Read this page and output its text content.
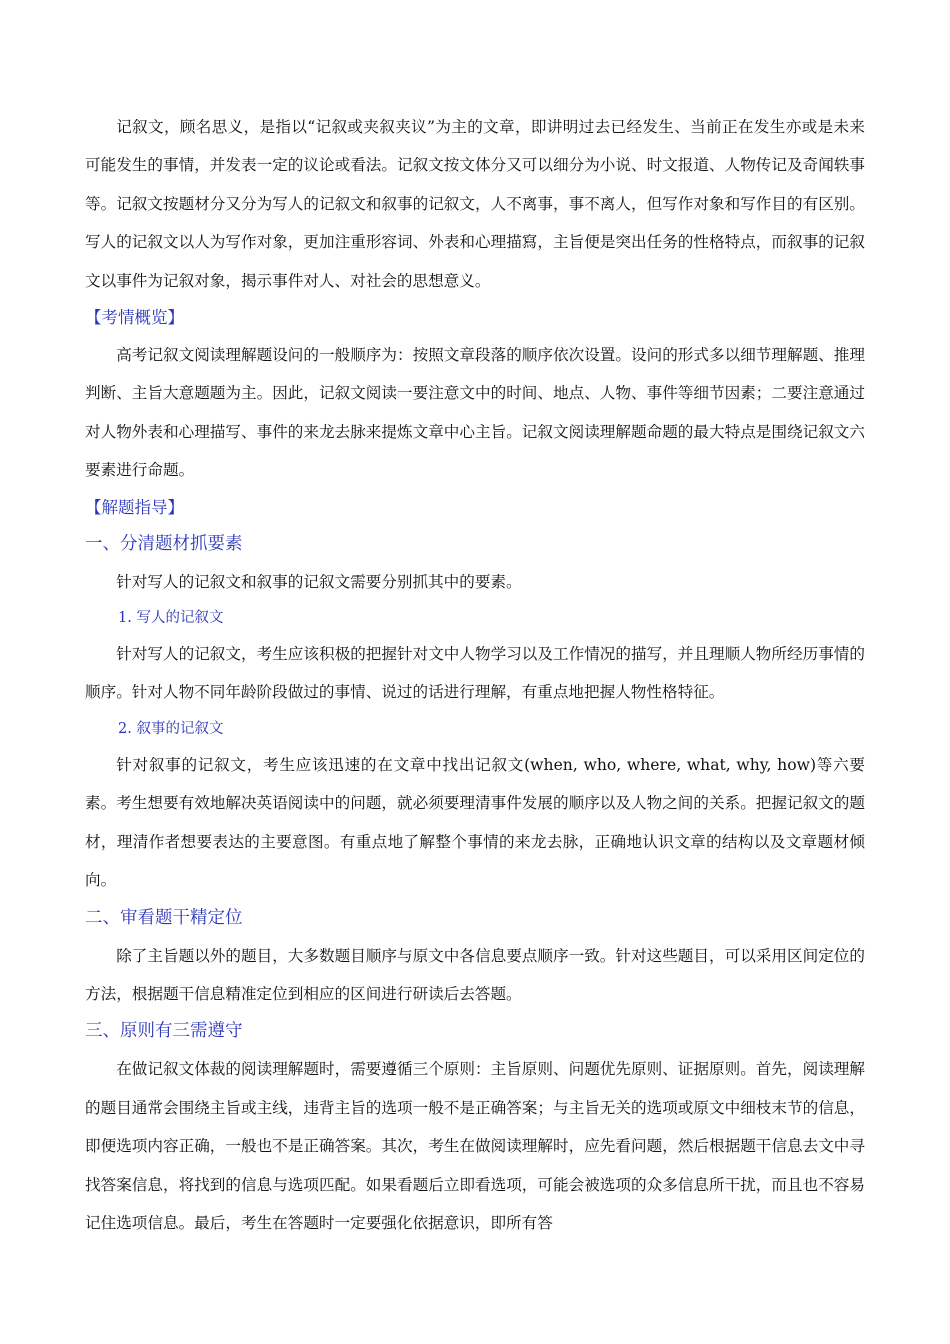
记叙文，顾名思义，是指以“记叙或夹叙夹议”为主的文章，即讲明过去已经发生、当前正在发生亦或是未来可能发生的事情，并发表一定的议论或看法。记叙文按文体分又可以细分为小说、时文报道、人物传记及奇闻轶事等。记叙文按题材分又分为写人的记叙文和叙事的记叙文，人不离事，事不离人，但写作对象和写作目的有区别。写人的记叙文以人为写作对象，更加注重形容词、外表和心理描寫，主旨便是突出任务的性格特点，而叙事的记叙文以事件为记叙对象，揭示事件对人、对社会的思想意义。

【考情概览】

高考记叙文阅读理解题设问的一般顺序为：按照文章段落的顺序依次设置。设问的形式多以细节理解题、推理判断、主旨大意题题为主。因此，记叙文阅读一要注意文中的时间、地点、人物、事件等细节因素；二要注意通过对人物外表和心理描写、事件的来龙去脉来提炼文章中心主旨。记叙文阅读理解题命题的最大特点是围绕记叙文六要素进行命题。

【解题指导】
一、分清题材抓要素

针对写人的记叙文和叙事的记叙文需要分别抓其中的要素。

1. 写人的记叙文

针对写人的记叙文，考生应该积极的把握针对文中人物学习以及工作情况的描写，并且理顺人物所经历事情的顺序。针对人物不同年龄阶段做过的事情、说过的话进行理解，有重点地把握人物性格特征。

2. 叙事的记叙文

针对叙事的记叙文，考生应该迅速的在文章中找出记叙文(when, who, where, what, why, how)等六要素。考生想要有效地解决英语阅读中的问题，就必须要理清事件发展的顺序以及人物之间的关系。把握记叙文的题材，理清作者想要表达的主要意图。有重点地了解整个事情的来龙去脉，正确地认识文章的结构以及文章题材倾向。

二、审看题干精定位

除了主旨题以外的题目，大多数题目顺序与原文中各信息要点顺序一致。针对这些题目，可以采用区间定位的方法，根据题干信息精准定位到相应的区间进行研读后去答题。

三、原则有三需遵守

在做记叙文体裁的阅读理解题时，需要遵循三个原则：主旨原则、问题优先原则、证据原则。首先，阅读理解的题目通常会围绕主旨或主线，违背主旨的选项一般不是正确答案；与主旨无关的选项或原文中细枝末节的信息，即便选项内容正确，一般也不是正确答案。其次，考生在做阅读理解时，应先看问题，然后根据题干信息去文中寻找答案信息，将找到的信息与选项匹配。如果看题后立即看选项，可能会被选项的众多信息所干扰，而且也不容易记住选项信息。最后，考生在答题时一定要强化依据意识，即所有答
